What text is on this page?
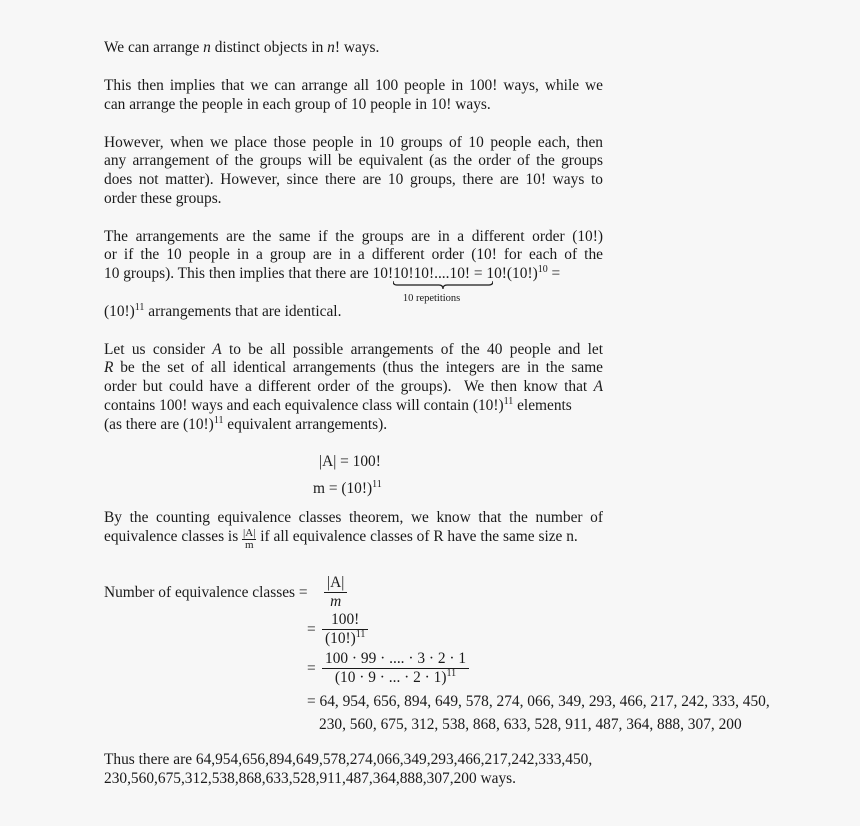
We can arrange n distinct objects in n! ways.
This then implies that we can arrange all 100 people in 100! ways, while we
can arrange the people in each group of 10 people in 10! ways.
However, when we place those people in 10 groups of 10 people each, then
any arrangement of the groups will be equivalent (as the order of the groups
does not matter). However, since there are 10 groups, there are 10! ways to
order these groups.
The arrangements are the same if the groups are in a different order (10!)
or if the 10 people in a group are in a different order (10! for each of the
10 groups). This then implies that there are 10!10!10!....10!
10 repetitions
= $10!(10!)^{10}$ =
$(10!)^{11}$ arrangements that are identical.
Let us consider A to be all possible arrangements of the 40 people and let
R be the set of all identical arrangements (thus the integers are in the same
order but could have a different order of the groups).  We then know that A
contains 100! ways and each equivalence class will contain $(10!)^{11}$ elements
(as there are $(10!)^{11}$ equivalent arrangements).
|A| = 100!
$m = (10!)^{11}$
By the counting equivalence classes theorem, we know that the number of
equivalence classes is $\frac{|A|}{m}$ if all equivalence classes of R have the same size n.
Number of equivalence classes = $\frac{|A|}{m}$
= $\frac{100!}{(10!)^{11}}$
= $\frac{100 \cdot 99 \cdot .... \cdot 3 \cdot 2 \cdot 1}{(10 \cdot 9 \cdot ... \cdot 2 \cdot 1)^{11}}$
= 64, 954, 656, 894, 649, 578, 274, 066, 349, 293, 466, 217, 242, 333, 450,
230, 560, 675, 312, 538, 868, 633, 528, 911, 487, 364, 888, 307, 200
Thus there are 64,954,656,894,649,578,274,066,349,293,466,217,242,333,450,
230,560,675,312,538,868,633,528,911,487,364,888,307,200 ways.
